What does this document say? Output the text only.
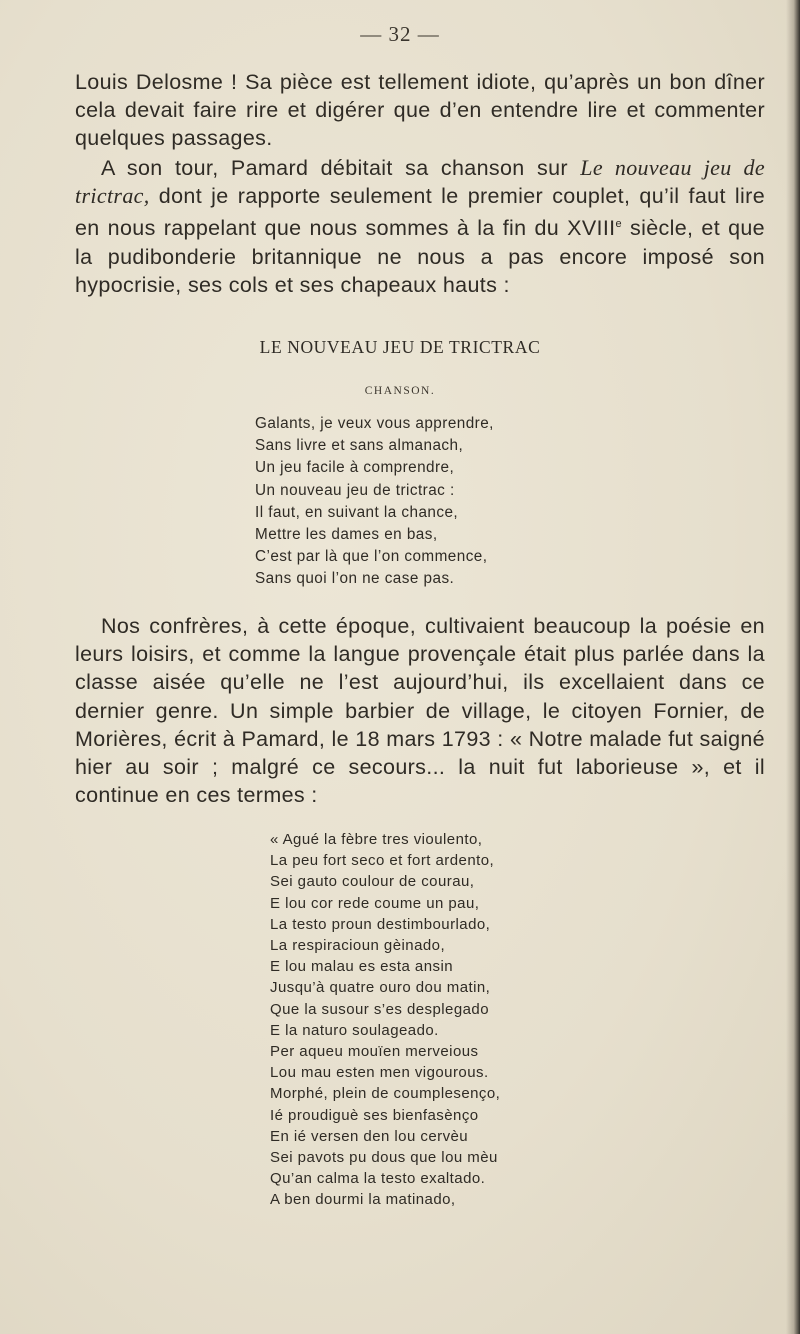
— 32 —

Louis Delosme ! Sa pièce est tellement idiote, qu’après un bon dîner cela devait faire rire et digérer que d’en entendre lire et commenter quelques passages.

A son tour, Pamard débitait sa chanson sur Le nouveau jeu de trictrac, dont je rapporte seulement le premier couplet, qu’il faut lire en nous rappelant que nous sommes à la fin du XVIIIe siècle, et que la pudibonderie britannique ne nous a pas encore imposé son hypocrisie, ses cols et ses chapeaux hauts :

LE NOUVEAU JEU DE TRICTRAC
CHANSON.
Galants, je veux vous apprendre,
Sans livre et sans almanach,
Un jeu facile à comprendre,
Un nouveau jeu de trictrac :
Il faut, en suivant la chance,
Mettre les dames en bas,
C’est par là que l’on commence,
Sans quoi l’on ne case pas.

Nos confrères, à cette époque, cultivaient beaucoup la poésie en leurs loisirs, et comme la langue provençale était plus parlée dans la classe aisée qu’elle ne l’est aujourd’hui, ils excellaient dans ce dernier genre. Un simple barbier de village, le citoyen Fornier, de Morières, écrit à Pamard, le 18 mars 1793 : « Notre malade fut saigné hier au soir ; malgré ce secours... la nuit fut laborieuse », et il continue en ces termes :

« Agué la fèbre tres vioulento,
La peu fort seco et fort ardento,
Sei gauto coulour de courau,
E lou cor rede coume un pau,
La testo proun destimbourlado,
La respiracioun gèinado,
E lou malau es esta ansin
Jusqu’à quatre ouro dou matin,
Que la susour s’es desplegado
E la naturo soulageado.
Per aqueu mouïen merveious
Lou mau esten men vigourous.
Morphé, plein de coumplesenço,
Ié proudiguè ses bienfasènço
En ié versen den lou cervèu
Sei pavots pu dous que lou mèu
Qu’an calma la testo exaltado.
A ben dourmi la matinado,
